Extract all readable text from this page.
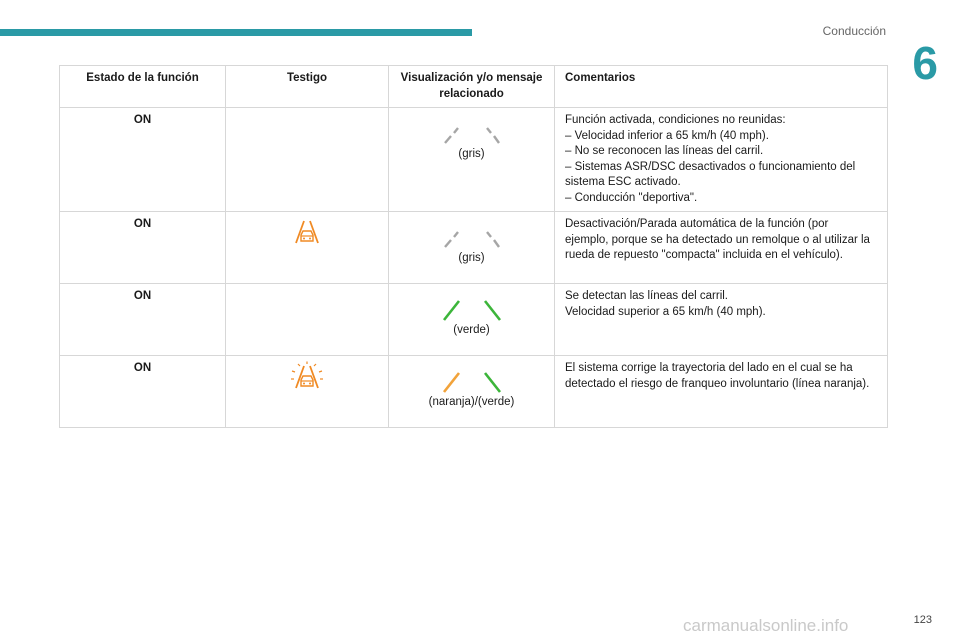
Conducción
6
Estado de la función	Testigo	Visualización y/o mensaje relacionado	Comentarios
ON		(gris)	Función activada, condiciones no reunidas:
– Velocidad inferior a 65 km/h (40 mph).
– No se reconocen las líneas del carril.
– Sistemas ASR/DSC desactivados o funcionamiento del sistema ESC activado.
– Conducción "deportiva".

ON		(gris)	Desactivación/Parada automática de la función (por ejemplo, porque se ha detectado un remolque o al utilizar la rueda de repuesto "compacta" incluida en el vehículo).

ON		(verde)	Se detectan las líneas del carril.
Velocidad superior a 65 km/h (40 mph).

ON		(naranja)/(verde)	El sistema corrige la trayectoria del lado en el cual se ha detectado el riesgo de franqueo involuntario (línea naranja).
123
carmanualsonline.info
